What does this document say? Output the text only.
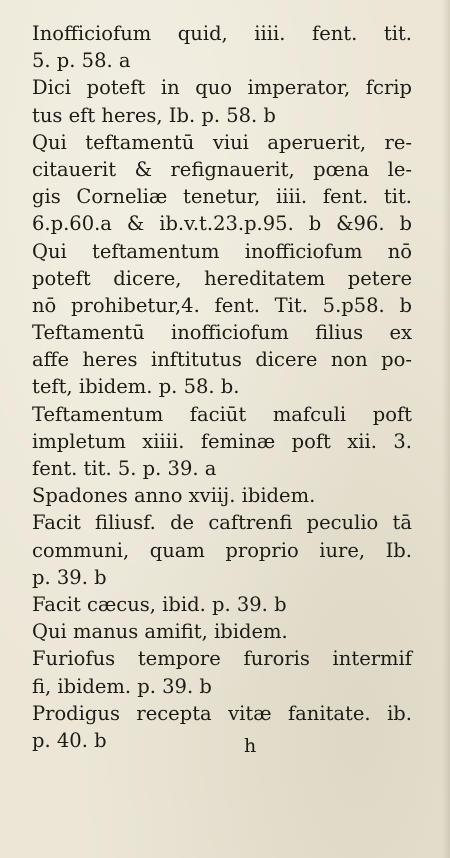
Inofficiofum quid, iiii. fent. tit.
5. p. 58. a
Dici poteft in quo imperator, fcrip
tus eft heres, Ib. p. 58. b
Qui teftamentū viui aperuerit, re-
citauerit & refignauerit, pœna le-
gis Corneliæ tenetur, iiii. fent. tit.
6.p.60.a & ib.v.t.23.p.95. b &96. b
Qui teftamentum inofficiofum nō
poteft dicere, hereditatem petere
nō prohibetur,4. fent. Tit. 5.p58. b
Teftamentū inofficiofum filius ex
affe heres inftitutus dicere non po-
teft, ibidem. p. 58. b.
Teftamentum faciūt mafculi poft
impletum xiiii. feminæ poft xii. 3.
fent. tit. 5. p. 39. a
Spadones anno xviij. ibidem.
Facit filiusf. de caftrenfi peculio tā
communi, quam proprio iure, Ib.
p. 39. b
Facit cæcus, ibid. p. 39. b
Qui manus amifit, ibidem.
Furiofus tempore furoris intermif
fi, ibidem. p. 39. b
Prodigus recepta vitæ fanitate. ib.
p. 40. b	h
